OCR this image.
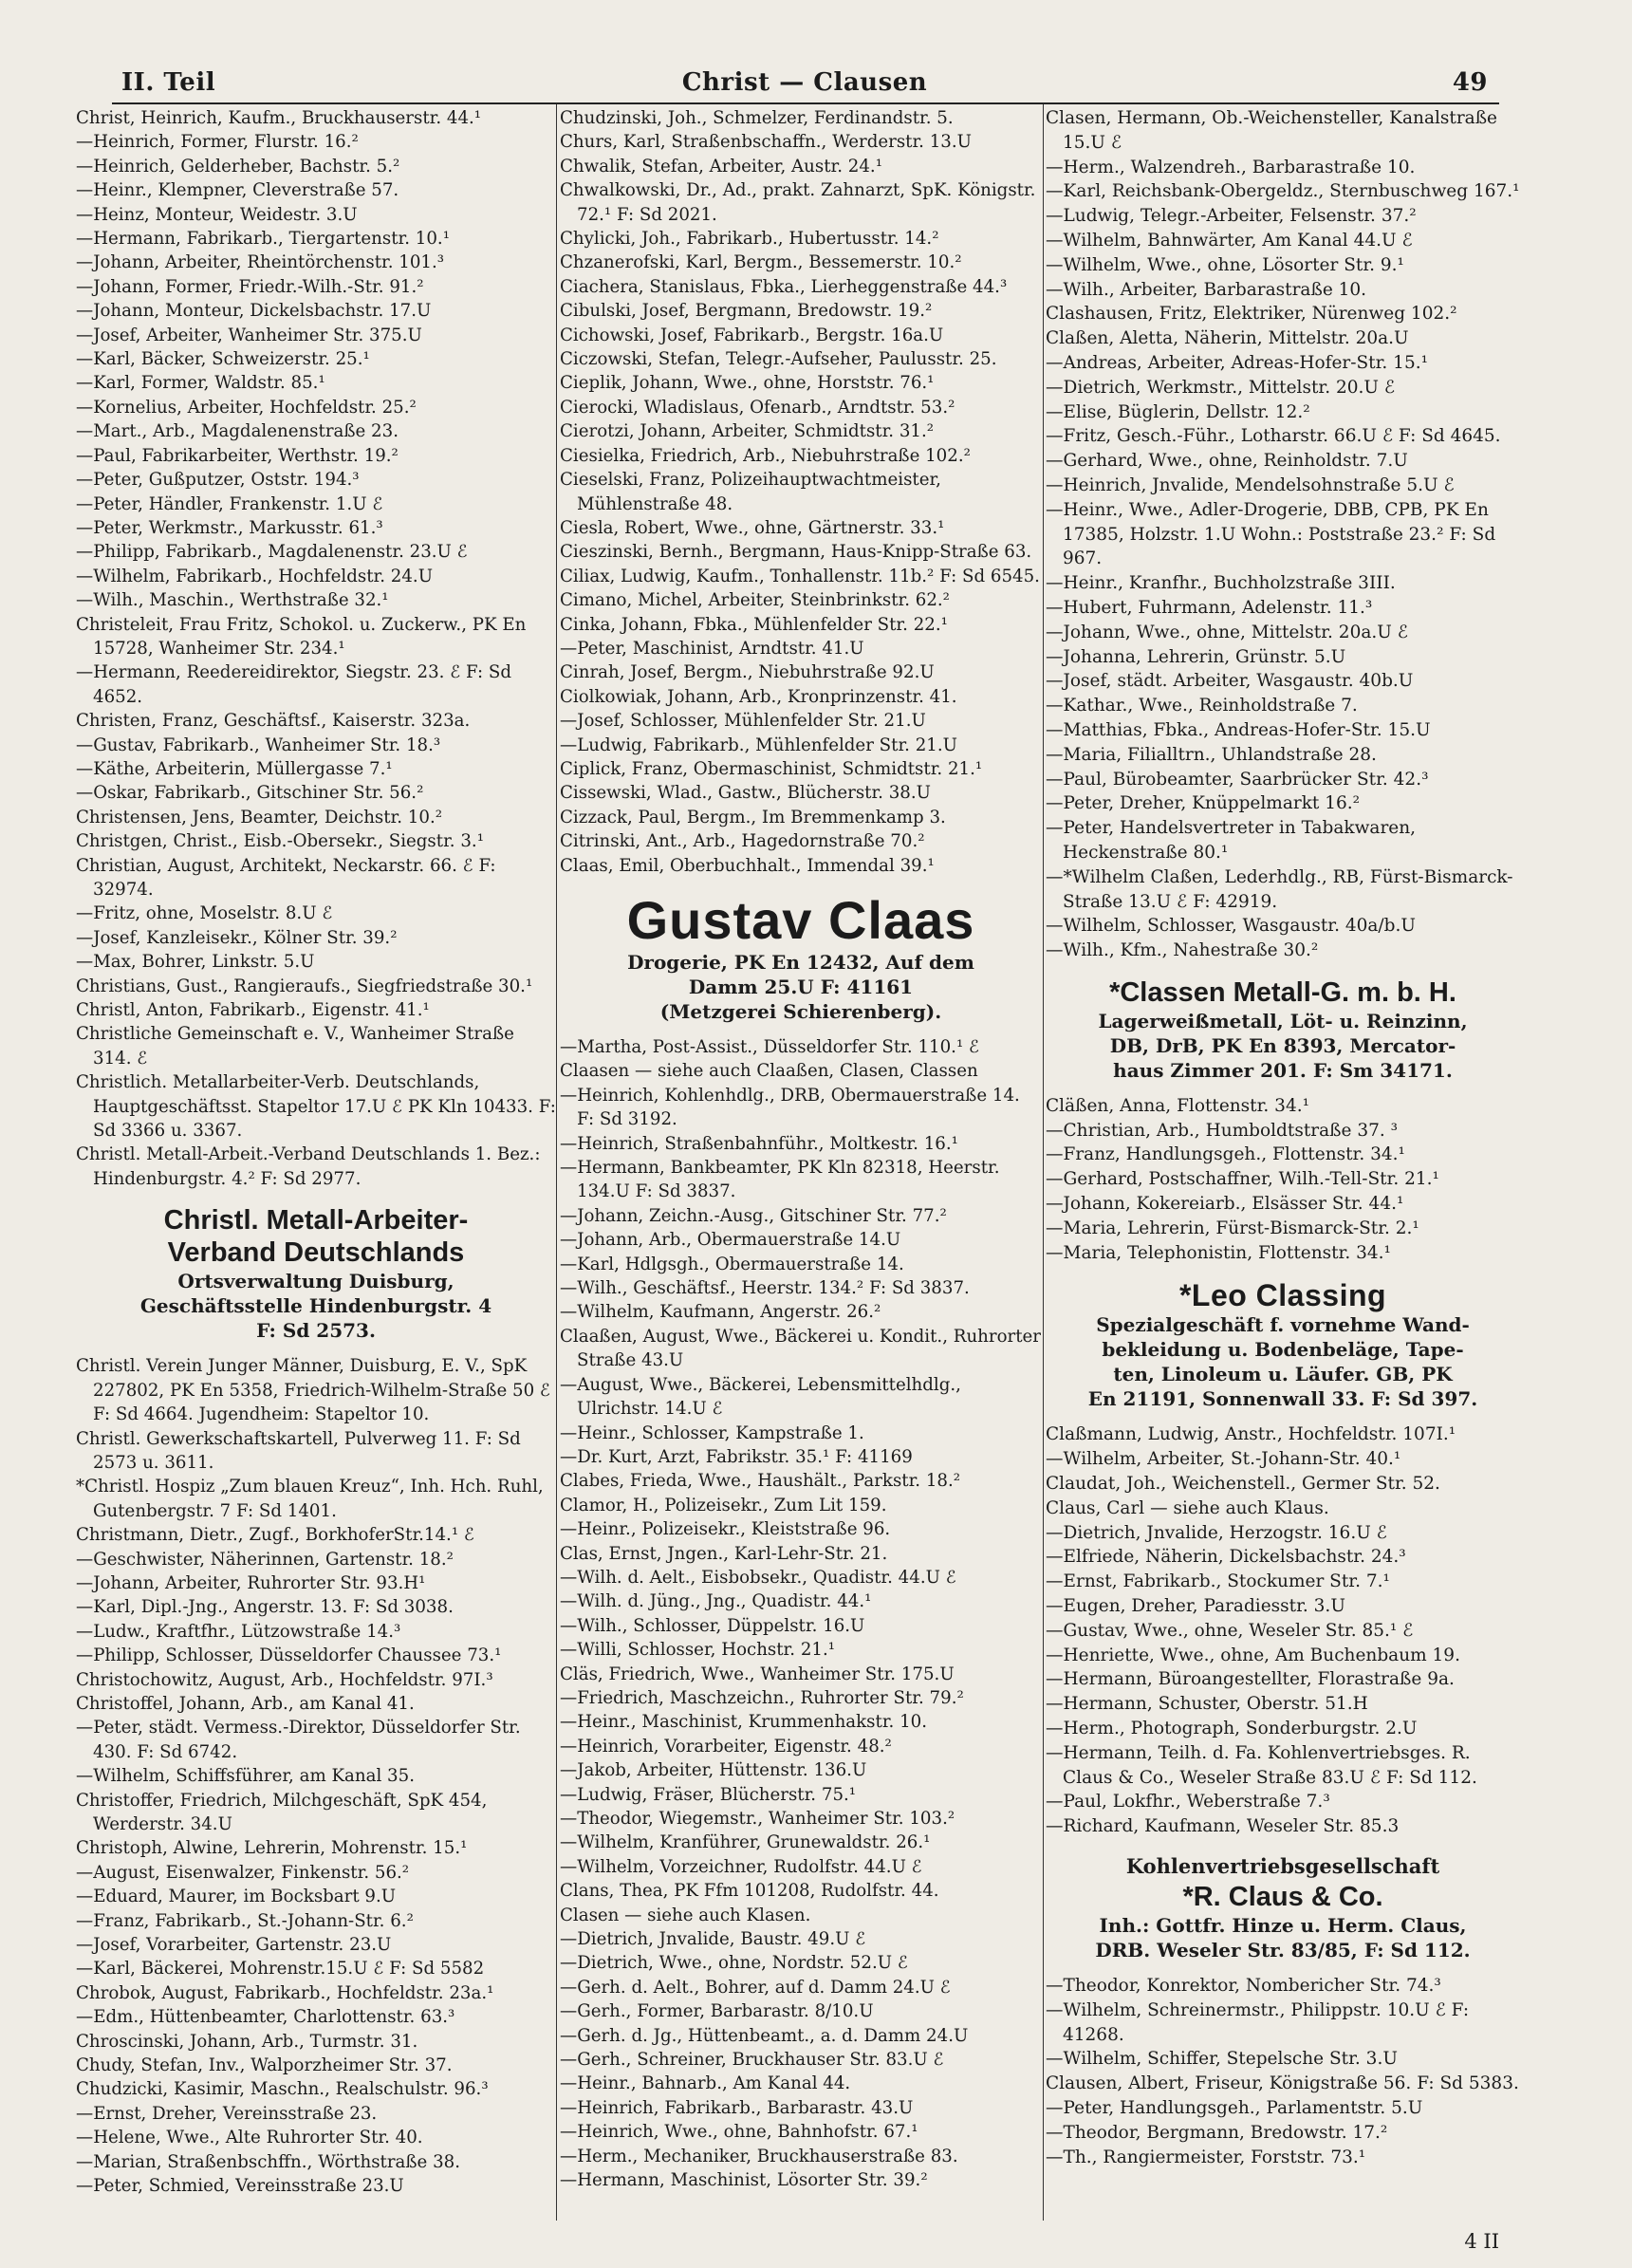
II. Teil	Christ — Clausen	49
Christ, Heinrich, Kaufm., Bruckhauserstr. 44.¹
—Heinrich, Former, Flurstr. 16.²
—Heinrich, Gelderheber, Bachstr. 5.²
—Heinr., Klempner, Cleverstraße 57.
—Heinz, Monteur, Weidestr. 3.U
—Hermann, Fabrikarb., Tiergartenstr. 10.¹
—Johann, Arbeiter, Rheintörchenstr. 101.³
—Johann, Former, Friedr.-Wilh.-Str. 91.²
—Johann, Monteur, Dickelsbachstr. 17.U
—Josef, Arbeiter, Wanheimer Str. 375.U
—Karl, Bäcker, Schweizerstr. 25.¹
—Karl, Former, Waldstr. 85.¹
—Kornelius, Arbeiter, Hochfeldstr. 25.²
—Mart., Arb., Magdalenenstraße 23.
—Paul, Fabrikarbeiter, Werthstr. 19.²
—Peter, Gußputzer, Oststr. 194.³
—Peter, Händler, Frankenstr. 1.U ℰ
—Peter, Werkmstr., Markusstr. 61.³
—Philipp, Fabrikarb., Magdalenenstr. 23.U ℰ
—Wilhelm, Fabrikarb., Hochfeldstr. 24.U
—Wilh., Maschin., Werthstraße 32.¹
Christeleit, Frau Fritz, Schokol. u. Zuckerw., PK En 15728, Wanheimer Str. 234.¹
—Hermann, Reedereidirektor, Siegstr. 23. ℰ F: Sd 4652.
Christen, Franz, Geschäftsf., Kaiserstr. 323a.
—Gustav, Fabrikarb., Wanheimer Str. 18.³
—Käthe, Arbeiterin, Müllergasse 7.¹
—Oskar, Fabrikarb., Gitschiner Str. 56.²
Christensen, Jens, Beamter, Deichstr. 10.²
Christgen, Christ., Eisb.-Obersekr., Siegstr. 3.¹
Christian, August, Architekt, Neckarstr. 66. ℰ F: 32974.
—Fritz, ohne, Moselstr. 8.U ℰ
—Josef, Kanzleisekr., Kölner Str. 39.²
—Max, Bohrer, Linkstr. 5.U
Christians, Gust., Rangieraufs., Siegfriedstraße 30.¹
Christl, Anton, Fabrikarb., Eigenstr. 41.¹
Christliche Gemeinschaft e. V., Wanheimer Straße 314. ℰ
Christlich. Metallarbeiter-Verb. Deutschlands, Hauptgeschäftsst. Stapeltor 17.U ℰ PK Kln 10433. F: Sd 3366 u. 3367.
Christl. Metall-Arbeit.-Verband Deutschlands 1. Bez.: Hindenburgstr. 4.² F: Sd 2977.
Christl. Metall-Arbeiter-
Verband Deutschlands
Ortsverwaltung Duisburg,
Geschäftsstelle Hindenburgstr. 4
F: Sd 2573.
Christl. Verein Junger Männer, Duisburg, E. V., SpK 227802, PK En 5358, Friedrich-Wilhelm-Straße 50 ℰ F: Sd 4664. Jugendheim: Stapeltor 10.
Christl. Gewerkschaftskartell, Pulverweg 11. F: Sd 2573 u. 3611.
*Christl. Hospiz „Zum blauen Kreuz“, Inh. Hch. Ruhl, Gutenbergstr. 7 F: Sd 1401.
Christmann, Dietr., Zugf., BorkhoferStr.14.¹ ℰ
—Geschwister, Näherinnen, Gartenstr. 18.²
—Johann, Arbeiter, Ruhrorter Str. 93.H¹
—Karl, Dipl.-Jng., Angerstr. 13. F: Sd 3038.
—Ludw., Kraftfhr., Lützowstraße 14.³
—Philipp, Schlosser, Düsseldorfer Chaussee 73.¹
Christochowitz, August, Arb., Hochfeldstr. 97I.³
Christoffel, Johann, Arb., am Kanal 41.
—Peter, städt. Vermess.-Direktor, Düsseldorfer Str. 430. F: Sd 6742.
—Wilhelm, Schiffsführer, am Kanal 35.
Christoffer, Friedrich, Milchgeschäft, SpK 454, Werderstr. 34.U
Christoph, Alwine, Lehrerin, Mohrenstr. 15.¹
—August, Eisenwalzer, Finkenstr. 56.²
—Eduard, Maurer, im Bocksbart 9.U
—Franz, Fabrikarb., St.-Johann-Str. 6.²
—Josef, Vorarbeiter, Gartenstr. 23.U
—Karl, Bäckerei, Mohrenstr.15.U ℰ F: Sd 5582
Chrobok, August, Fabrikarb., Hochfeldstr. 23a.¹
—Edm., Hüttenbeamter, Charlottenstr. 63.³
Chroscinski, Johann, Arb., Turmstr. 31.
Chudy, Stefan, Inv., Walporzheimer Str. 37.
Chudzicki, Kasimir, Maschn., Realschulstr. 96.³
—Ernst, Dreher, Vereinsstraße 23.
—Helene, Wwe., Alte Ruhrorter Str. 40.
—Marian, Straßenbschffn., Wörthstraße 38.
—Peter, Schmied, Vereinsstraße 23.U
Chudzinski, Joh., Schmelzer, Ferdinandstr. 5.
Churs, Karl, Straßenbschaffn., Werderstr. 13.U
Chwalik, Stefan, Arbeiter, Austr. 24.¹
Chwalkowski, Dr., Ad., prakt. Zahnarzt, SpK. Königstr. 72.¹ F: Sd 2021.
Chylicki, Joh., Fabrikarb., Hubertusstr. 14.²
Chzanerofski, Karl, Bergm., Bessemerstr. 10.²
Ciachera, Stanislaus, Fbka., Lierheggenstraße 44.³
Cibulski, Josef, Bergmann, Bredowstr. 19.²
Cichowski, Josef, Fabrikarb., Bergstr. 16a.U
Ciczowski, Stefan, Telegr.-Aufseher, Paulusstr. 25.
Cieplik, Johann, Wwe., ohne, Horststr. 76.¹
Cierocki, Wladislaus, Ofenarb., Arndtstr. 53.²
Cierotzi, Johann, Arbeiter, Schmidtstr. 31.²
Ciesielka, Friedrich, Arb., Niebuhrstraße 102.²
Cieselski, Franz, Polizeihauptwachtmeister, Mühlenstraße 48.
Ciesla, Robert, Wwe., ohne, Gärtnerstr. 33.¹
Cieszinski, Bernh., Bergmann, Haus-Knipp-Straße 63.
Ciliax, Ludwig, Kaufm., Tonhallenstr. 11b.² F: Sd 6545.
Cimano, Michel, Arbeiter, Steinbrinkstr. 62.²
Cinka, Johann, Fbka., Mühlenfelder Str. 22.¹
—Peter, Maschinist, Arndtstr. 41.U
Cinrah, Josef, Bergm., Niebuhrstraße 92.U
Ciolkowiak, Johann, Arb., Kronprinzenstr. 41.
—Josef, Schlosser, Mühlenfelder Str. 21.U
—Ludwig, Fabrikarb., Mühlenfelder Str. 21.U
Ciplick, Franz, Obermaschinist, Schmidtstr. 21.¹
Cissewski, Wlad., Gastw., Blücherstr. 38.U
Cizzack, Paul, Bergm., Im Bremmenkamp 3.
Citrinski, Ant., Arb., Hagedornstraße 70.²
Claas, Emil, Oberbuchhalt., Immendal 39.¹
Gustav Claas
Drogerie, PK En 12432, Auf dem
Damm 25.U F: 41161
(Metzgerei Schierenberg).
—Martha, Post-Assist., Düsseldorfer Str. 110.¹ ℰ
Claasen — siehe auch Claaßen, Clasen, Classen
—Heinrich, Kohlenhdlg., DRB, Obermauerstraße 14. F: Sd 3192.
—Heinrich, Straßenbahnführ., Moltkestr. 16.¹
—Hermann, Bankbeamter, PK Kln 82318, Heerstr. 134.U F: Sd 3837.
—Johann, Zeichn.-Ausg., Gitschiner Str. 77.²
—Johann, Arb., Obermauerstraße 14.U
—Karl, Hdlgsgh., Obermauerstraße 14.
—Wilh., Geschäftsf., Heerstr. 134.² F: Sd 3837.
—Wilhelm, Kaufmann, Angerstr. 26.²
Claaßen, August, Wwe., Bäckerei u. Kondit., Ruhrorter Straße 43.U
—August, Wwe., Bäckerei, Lebensmittelhdlg., Ulrichstr. 14.U ℰ
—Heinr., Schlosser, Kampstraße 1.
—Dr. Kurt, Arzt, Fabrikstr. 35.¹ F: 41169
Clabes, Frieda, Wwe., Haushält., Parkstr. 18.²
Clamor, H., Polizeisekr., Zum Lit 159.
—Heinr., Polizeisekr., Kleiststraße 96.
Clas, Ernst, Jngen., Karl-Lehr-Str. 21.
—Wilh. d. Aelt., Eisbobsekr., Quadistr. 44.U ℰ
—Wilh. d. Jüng., Jng., Quadistr. 44.¹
—Wilh., Schlosser, Düppelstr. 16.U
—Willi, Schlosser, Hochstr. 21.¹
Cläs, Friedrich, Wwe., Wanheimer Str. 175.U
—Friedrich, Maschzeichn., Ruhrorter Str. 79.²
—Heinr., Maschinist, Krummenhakstr. 10.
—Heinrich, Vorarbeiter, Eigenstr. 48.²
—Jakob, Arbeiter, Hüttenstr. 136.U
—Ludwig, Fräser, Blücherstr. 75.¹
—Theodor, Wiegemstr., Wanheimer Str. 103.²
—Wilhelm, Kranführer, Grunewaldstr. 26.¹
—Wilhelm, Vorzeichner, Rudolfstr. 44.U ℰ
Clans, Thea, PK Ffm 101208, Rudolfstr. 44.
Clasen — siehe auch Klasen.
—Dietrich, Jnvalide, Baustr. 49.U ℰ
—Dietrich, Wwe., ohne, Nordstr. 52.U ℰ
—Gerh. d. Aelt., Bohrer, auf d. Damm 24.U ℰ
—Gerh., Former, Barbarastr. 8/10.U
—Gerh. d. Jg., Hüttenbeamt., a. d. Damm 24.U
—Gerh., Schreiner, Bruckhauser Str. 83.U ℰ
—Heinr., Bahnarb., Am Kanal 44.
—Heinrich, Fabrikarb., Barbarastr. 43.U
—Heinrich, Wwe., ohne, Bahnhofstr. 67.¹
—Herm., Mechaniker, Bruckhauserstraße 83.
—Hermann, Maschinist, Lösorter Str. 39.²
Clasen, Hermann, Ob.-Weichensteller, Kanalstraße 15.U ℰ
—Herm., Walzendreh., Barbarastraße 10.
—Karl, Reichsbank-Obergeldz., Sternbuschweg 167.¹
—Ludwig, Telegr.-Arbeiter, Felsenstr. 37.²
—Wilhelm, Bahnwärter, Am Kanal 44.U ℰ
—Wilhelm, Wwe., ohne, Lösorter Str. 9.¹
—Wilh., Arbeiter, Barbarastraße 10.
Clashausen, Fritz, Elektriker, Nürenweg 102.²
Claßen, Aletta, Näherin, Mittelstr. 20a.U
—Andreas, Arbeiter, Adreas-Hofer-Str. 15.¹
—Dietrich, Werkmstr., Mittelstr. 20.U ℰ
—Elise, Büglerin, Dellstr. 12.²
—Fritz, Gesch.-Führ., Lotharstr. 66.U ℰ F: Sd 4645.
—Gerhard, Wwe., ohne, Reinholdstr. 7.U
—Heinrich, Jnvalide, Mendelsohnstraße 5.U ℰ
—Heinr., Wwe., Adler-Drogerie, DBB, CPB, PK En 17385, Holzstr. 1.U Wohn.: Poststraße 23.² F: Sd 967.
—Heinr., Kranfhr., Buchholzstraße 3III.
—Hubert, Fuhrmann, Adelenstr. 11.³
—Johann, Wwe., ohne, Mittelstr. 20a.U ℰ
—Johanna, Lehrerin, Grünstr. 5.U
—Josef, städt. Arbeiter, Wasgaustr. 40b.U
—Kathar., Wwe., Reinholdstraße 7.
—Matthias, Fbka., Andreas-Hofer-Str. 15.U
—Maria, Filialltrn., Uhlandstraße 28.
—Paul, Bürobeamter, Saarbrücker Str. 42.³
—Peter, Dreher, Knüppelmarkt 16.²
—Peter, Handelsvertreter in Tabakwaren, Heckenstraße 80.¹
—*Wilhelm Claßen, Lederhdlg., RB, Fürst-Bismarck-Straße 13.U ℰ F: 42919.
—Wilhelm, Schlosser, Wasgaustr. 40a/b.U
—Wilh., Kfm., Nahestraße 30.²
*Classen Metall-G. m. b. H.
Lagerweißmetall, Löt- u. Reinzinn,
DB, DrB, PK En 8393, Mercator-
haus Zimmer 201. F: Sm 34171.
Cläßen, Anna, Flottenstr. 34.¹
—Christian, Arb., Humboldtstraße 37. ³
—Franz, Handlungsgeh., Flottenstr. 34.¹
—Gerhard, Postschaffner, Wilh.-Tell-Str. 21.¹
—Johann, Kokereiarb., Elsässer Str. 44.¹
—Maria, Lehrerin, Fürst-Bismarck-Str. 2.¹
—Maria, Telephonistin, Flottenstr. 34.¹
*Leo Classing
Spezialgeschäft f. vornehme Wand-
bekleidung u. Bodenbeläge, Tape-
ten, Linoleum u. Läufer. GB, PK
En 21191, Sonnenwall 33. F: Sd 397.
Claßmann, Ludwig, Anstr., Hochfeldstr. 107I.¹
—Wilhelm, Arbeiter, St.-Johann-Str. 40.¹
Claudat, Joh., Weichenstell., Germer Str. 52.
Claus, Carl — siehe auch Klaus.
—Dietrich, Jnvalide, Herzogstr. 16.U ℰ
—Elfriede, Näherin, Dickelsbachstr. 24.³
—Ernst, Fabrikarb., Stockumer Str. 7.¹
—Eugen, Dreher, Paradiesstr. 3.U
—Gustav, Wwe., ohne, Weseler Str. 85.¹ ℰ
—Henriette, Wwe., ohne, Am Buchenbaum 19.
—Hermann, Büroangestellter, Florastraße 9a.
—Hermann, Schuster, Oberstr. 51.H
—Herm., Photograph, Sonderburgstr. 2.U
—Hermann, Teilh. d. Fa. Kohlenvertriebsges. R. Claus & Co., Weseler Straße 83.U ℰ F: Sd 112.
—Paul, Lokfhr., Weberstraße 7.³
—Richard, Kaufmann, Weseler Str. 85.3
Kohlenvertriebsgesellschaft
*R. Claus & Co.
Inh.: Gottfr. Hinze u. Herm. Claus,
DRB. Weseler Str. 83/85, F: Sd 112.
—Theodor, Konrektor, Nombericher Str. 74.³
—Wilhelm, Schreinermstr., Philippstr. 10.U ℰ F: 41268.
—Wilhelm, Schiffer, Stepelsche Str. 3.U
Clausen, Albert, Friseur, Königstraße 56. F: Sd 5383.
—Peter, Handlungsgeh., Parlamentstr. 5.U
—Theodor, Bergmann, Bredowstr. 17.²
—Th., Rangiermeister, Forststr. 73.¹
4 II
